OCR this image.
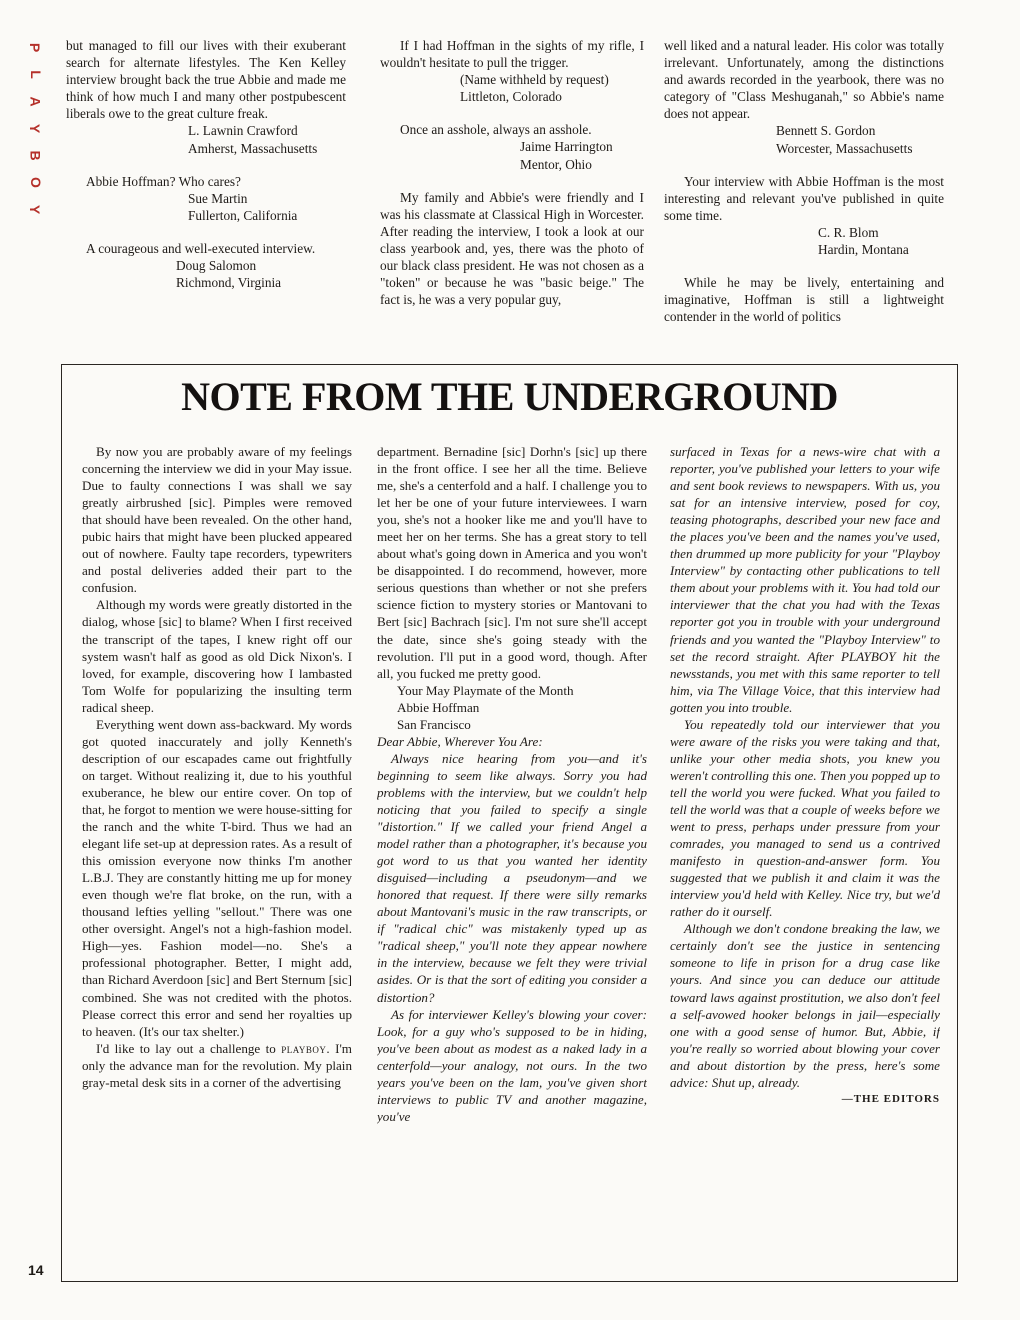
P
L
A
Y
B
O
Y

but managed to fill our lives with their exuberant search for alternate lifestyles. The Ken Kelley interview brought back the true Abbie and made me think of how much I and many other postpubescent liberals owe to the great culture freak.

L. Lawnin Crawford

Amherst, Massachusetts

Abbie Hoffman? Who cares?

Sue Martin

Fullerton, California

A courageous and well-executed interview.

Doug Salomon

Richmond, Virginia

If I had Hoffman in the sights of my rifle, I wouldn't hesitate to pull the trigger.

(Name withheld by request)

Littleton, Colorado

Once an asshole, always an asshole.

Jaime Harrington

Mentor, Ohio

My family and Abbie's were friendly and I was his classmate at Classical High in Worcester. After reading the interview, I took a look at our class yearbook and, yes, there was the photo of our black class president. He was not chosen as a "token" or because he was "basic beige." The fact is, he was a very popular guy,

well liked and a natural leader. His color was totally irrelevant. Unfortunately, among the distinctions and awards recorded in the yearbook, there was no category of "Class Meshuganah," so Abbie's name does not appear.

Bennett S. Gordon

Worcester, Massachusetts

Your interview with Abbie Hoffman is the most interesting and relevant you've published in quite some time.

C. R. Blom

Hardin, Montana

While he may be lively, entertaining and imaginative, Hoffman is still a lightweight contender in the world of politics

NOTE FROM THE UNDERGROUND

By now you are probably aware of my feelings concerning the interview we did in your May issue. Due to faulty connections I was shall we say greatly airbrushed [sic]. Pimples were removed that should have been revealed. On the other hand, pubic hairs that might have been plucked appeared out of nowhere. Faulty tape recorders, typewriters and postal deliveries added their part to the confusion.

Although my words were greatly distorted in the dialog, whose [sic] to blame? When I first received the transcript of the tapes, I knew right off our system wasn't half as good as old Dick Nixon's. I loved, for example, discovering how I lambasted Tom Wolfe for popularizing the insulting term radical sheep.

Everything went down ass-backward. My words got quoted inaccurately and jolly Kenneth's description of our escapades came out frightfully on target. Without realizing it, due to his youthful exuberance, he blew our entire cover. On top of that, he forgot to mention we were house-sitting for the ranch and the white T-bird. Thus we had an elegant life set-up at depression rates. As a result of this omission everyone now thinks I'm another L.B.J. They are constantly hitting me up for money even though we're flat broke, on the run, with a thousand lefties yelling "sellout." There was one other oversight. Angel's not a high-fashion model. High—yes. Fashion model—no. She's a professional photographer. Better, I might add, than Richard Averdoon [sic] and Bert Sternum [sic] combined. She was not credited with the photos. Please correct this error and send her royalties up to heaven. (It's our tax shelter.)

I'd like to lay out a challenge to playboy. I'm only the advance man for the revolution. My plain gray-metal desk sits in a corner of the advertising

department. Bernadine [sic] Dorhn's [sic] up there in the front office. I see her all the time. Believe me, she's a centerfold and a half. I challenge you to let her be one of your future interviewees. I warn you, she's not a hooker like me and you'll have to meet her on her terms. She has a great story to tell about what's going down in America and you won't be disappointed. I do recommend, however, more serious questions than whether or not she prefers science fiction to mystery stories or Mantovani to Bert [sic] Bachrach [sic]. I'm not sure she'll accept the date, since she's going steady with the revolution. I'll put in a good word, though. After all, you fucked me pretty good.

Your May Playmate of the Month

Abbie Hoffman

San Francisco

Dear Abbie, Wherever You Are:

Always nice hearing from you—and it's beginning to seem like always. Sorry you had problems with the interview, but we couldn't help noticing that you failed to specify a single "distortion." If we called your friend Angel a model rather than a photographer, it's because you got word to us that you wanted her identity disguised—including a pseudonym—and we honored that request. If there were silly remarks about Mantovani's music in the raw transcripts, or if "radical chic" was mistakenly typed up as "radical sheep," you'll note they appear nowhere in the interview, because we felt they were trivial asides. Or is that the sort of editing you consider a distortion?

As for interviewer Kelley's blowing your cover: Look, for a guy who's supposed to be in hiding, you've been about as modest as a naked lady in a centerfold—your analogy, not ours. In the two years you've been on the lam, you've given short interviews to public TV and another magazine, you've

surfaced in Texas for a news-wire chat with a reporter, you've published your letters to your wife and sent book reviews to newspapers. With us, you sat for an intensive interview, posed for coy, teasing photographs, described your new face and the places you've been and the names you've used, then drummed up more publicity for your "Playboy Interview" by contacting other publications to tell them about your problems with it. You had told our interviewer that the chat you had with the Texas reporter got you in trouble with your underground friends and you wanted the "Playboy Interview" to set the record straight. After PLAYBOY hit the newsstands, you met with this same reporter to tell him, via The Village Voice, that this interview had gotten you into trouble.

You repeatedly told our interviewer that you were aware of the risks you were taking and that, unlike your other media shots, you knew you weren't controlling this one. Then you popped up to tell the world you were fucked. What you failed to tell the world was that a couple of weeks before we went to press, perhaps under pressure from your comrades, you managed to send us a contrived manifesto in question-and-answer form. You suggested that we publish it and claim it was the interview you'd held with Kelley. Nice try, but we'd rather do it ourself.

Although we don't condone breaking the law, we certainly don't see the justice in sentencing someone to life in prison for a drug case like yours. And since you can deduce our attitude toward laws against prostitution, we also don't feel a self-avowed hooker belongs in jail—especially one with a good sense of humor. But, Abbie, if you're really so worried about blowing your cover and about distortion by the press, here's some advice: Shut up, already.

—THE EDITORS

14
